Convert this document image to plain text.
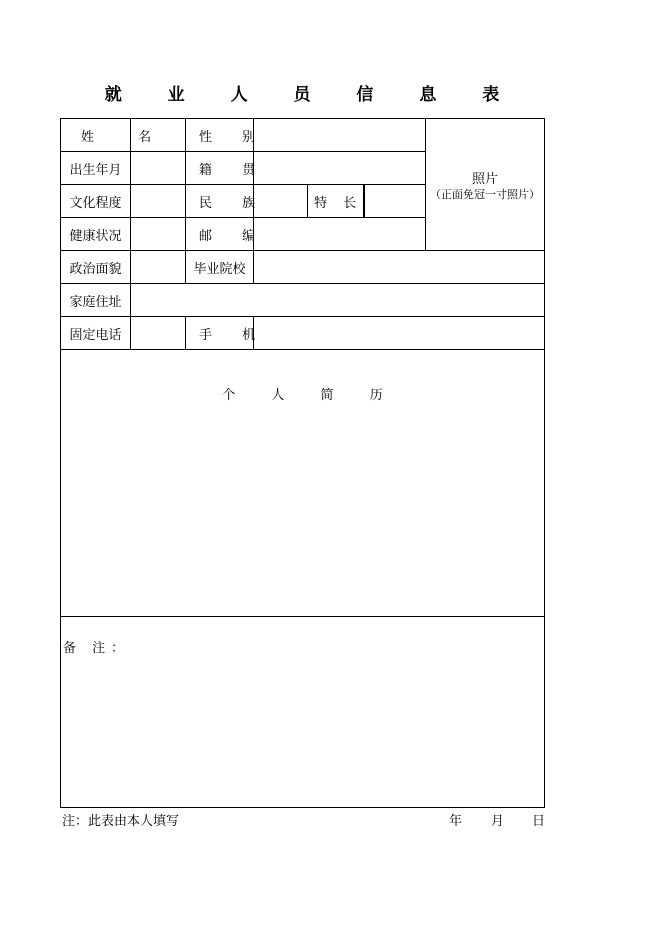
就 业 人 员 信 息 表
姓 名		性 别				照片
（正面免冠一寸照片）

出生年月		籍 贯				
文化程度		民 族		特 长		
健康状况		邮 编				
政治面貌		毕业院校				
家庭住址						
固定电话		手 机				

个 人 简 历						

备 注：						
注：此表由本人填写	年 月 日
